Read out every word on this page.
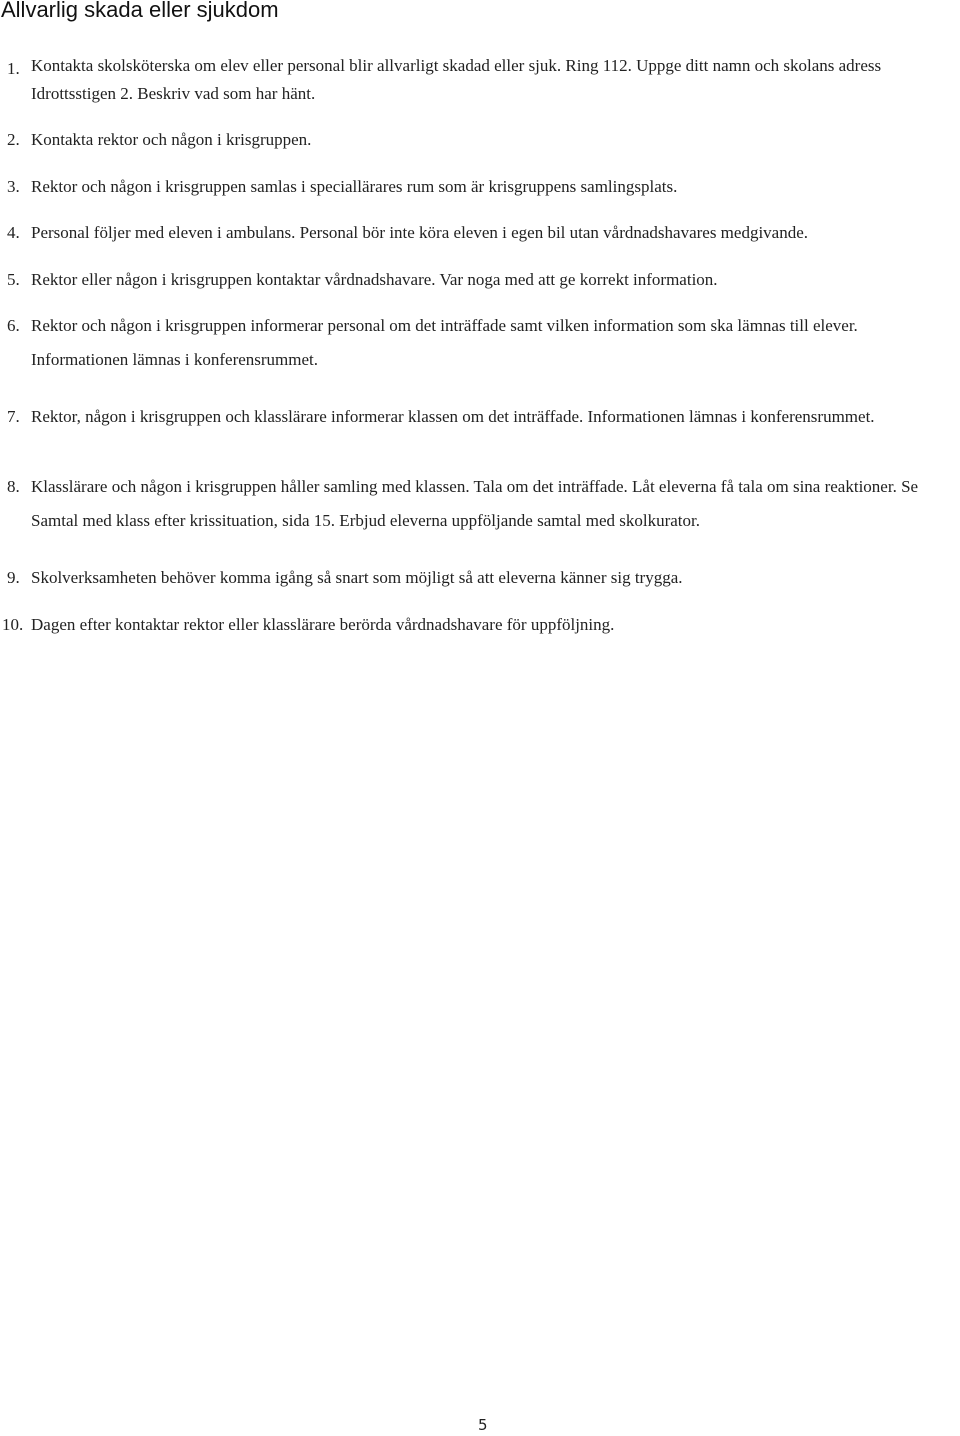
Allvarlig skada eller sjukdom
1. Kontakta skolsköterska om elev eller personal blir allvarligt skadad eller sjuk. Ring 112. Uppge ditt namn och skolans adress Idrottsstigen 2. Beskriv vad som har hänt.
2. Kontakta rektor och någon i krisgruppen.
3. Rektor och någon i krisgruppen samlas i speciallärares rum som är krisgruppens samlingsplats.
4. Personal följer med eleven i ambulans. Personal bör inte köra eleven i egen bil utan vårdnadshavares medgivande.
5. Rektor eller någon i krisgruppen kontaktar vårdnadshavare. Var noga med att ge korrekt information.
6. Rektor och någon i krisgruppen informerar personal om det inträffade samt vilken information som ska lämnas till elever. Informationen lämnas i konferensrummet.
7. Rektor, någon i krisgruppen och klasslärare informerar klassen om det inträffade. Informationen lämnas i konferensrummet.
8. Klasslärare och någon i krisgruppen håller samling med klassen. Tala om det inträffade. Låt eleverna få tala om sina reaktioner. Se Samtal med klass efter krissituation, sida 15. Erbjud eleverna uppföljande samtal med skolkurator.
9. Skolverksamheten behöver komma igång så snart som möjligt så att eleverna känner sig trygga.
10. Dagen efter kontaktar rektor eller klasslärare berörda vårdnadshavare för uppföljning.
5
